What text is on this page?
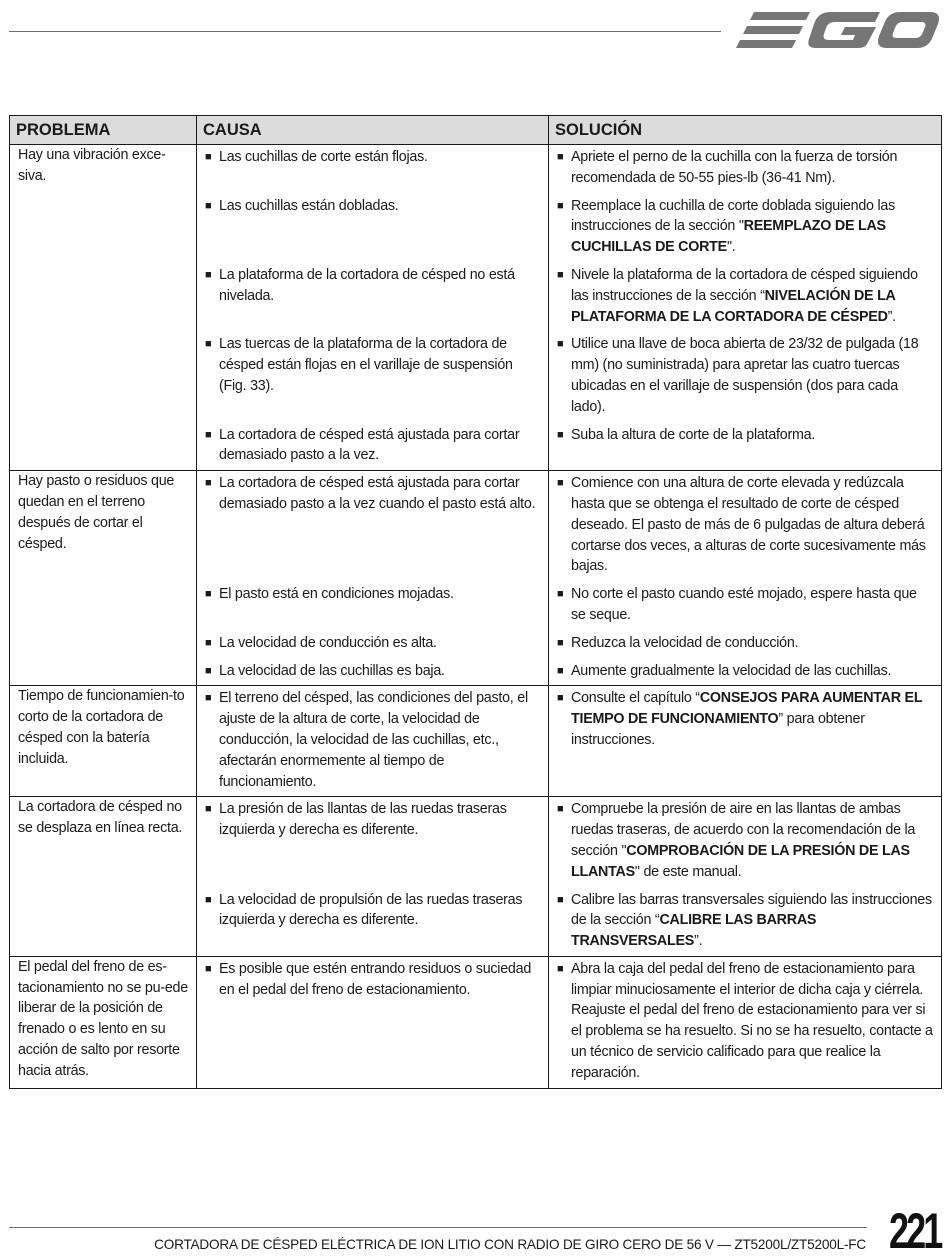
PROBLEMA	CAUSA	SOLUCIÓN
Hay una vibración exce-siva.	■ Las cuchillas de corte están flojas.	■ Apriete el perno de la cuchilla con la fuerza de torsión recomendada de 50-55 pies-lb (36-41 Nm).

	■ Las cuchillas están dobladas.	■ Reemplace la cuchilla de corte doblada siguiendo las instrucciones de la sección "REEMPLAZO DE LAS CUCHILLAS DE CORTE".

	■ La plataforma de la cortadora de césped no está nivelada.	■ Nivele la plataforma de la cortadora de césped siguiendo las instrucciones de la sección “NIVELACIÓN DE LA PLATAFORMA DE LA CORTADORA DE CÉSPED”.

	■ Las tuercas de la plataforma de la cortadora de césped están flojas en el varillaje de suspensión (Fig. 33).	■ Utilice una llave de boca abierta de 23/32 de pulgada (18 mm) (no suministrada) para apretar las cuatro tuercas ubicadas en el varillaje de suspensión (dos para cada lado).

	■ La cortadora de césped está ajustada para cortar demasiado pasto a la vez.	■ Suba la altura de corte de la plataforma.

Hay pasto o residuos que quedan en el terreno después de cortar el césped.	■ La cortadora de césped está ajustada para cortar demasiado pasto a la vez cuando el pasto está alto.	■ Comience con una altura de corte elevada y redúzcala hasta que se obtenga el resultado de corte de césped deseado. El pasto de más de 6 pulgadas de altura deberá cortarse dos veces, a alturas de corte sucesivamente más bajas.

	■ El pasto está en condiciones mojadas.	■ No corte el pasto cuando esté mojado, espere hasta que se seque.

	■ La velocidad de conducción es alta.	■ Reduzca la velocidad de conducción.

	■ La velocidad de las cuchillas es baja.	■ Aumente gradualmente la velocidad de las cuchillas.

Tiempo de funcionamien-to corto de la cortadora de césped con la batería incluida.	■ El terreno del césped, las condiciones del pasto, el ajuste de la altura de corte, la velocidad de conducción, la velocidad de las cuchillas, etc., afectarán enormemente al tiempo de funcionamiento.	■ Consulte el capítulo “CONSEJOS PARA AUMENTAR EL TIEMPO DE FUNCIONAMIENTO” para obtener instrucciones.

La cortadora de césped no se desplaza en línea recta.	■ La presión de las llantas de las ruedas traseras izquierda y derecha es diferente.	■ Compruebe la presión de aire en las llantas de ambas ruedas traseras, de acuerdo con la recomendación de la sección "COMPROBACIÓN DE LA PRESIÓN DE LAS LLANTAS" de este manual.

	■ La velocidad de propulsión de las ruedas traseras izquierda y derecha es diferente.	■ Calibre las barras transversales siguiendo las instrucciones de la sección “CALIBRE LAS BARRAS TRANSVERSALES”.

El pedal del freno de es-tacionamiento no se pu-ede liberar de la posición de frenado o es lento en su acción de salto por resorte hacia atrás.	■ Es posible que estén entrando residuos o suciedad en el pedal del freno de estacionamiento.	■ Abra la caja del pedal del freno de estacionamiento para limpiar minuciosamente el interior de dicha caja y ciérrela. Reajuste el pedal del freno de estacionamiento para ver si el problema se ha resuelto. Si no se ha resuelto, contacte a un técnico de servicio calificado para que realice la reparación.
CORTADORA DE CÉSPED ELÉCTRICA DE ION LITIO CON RADIO DE GIRO CERO DE 56 V — ZT5200L/ZT5200L-FC 221
